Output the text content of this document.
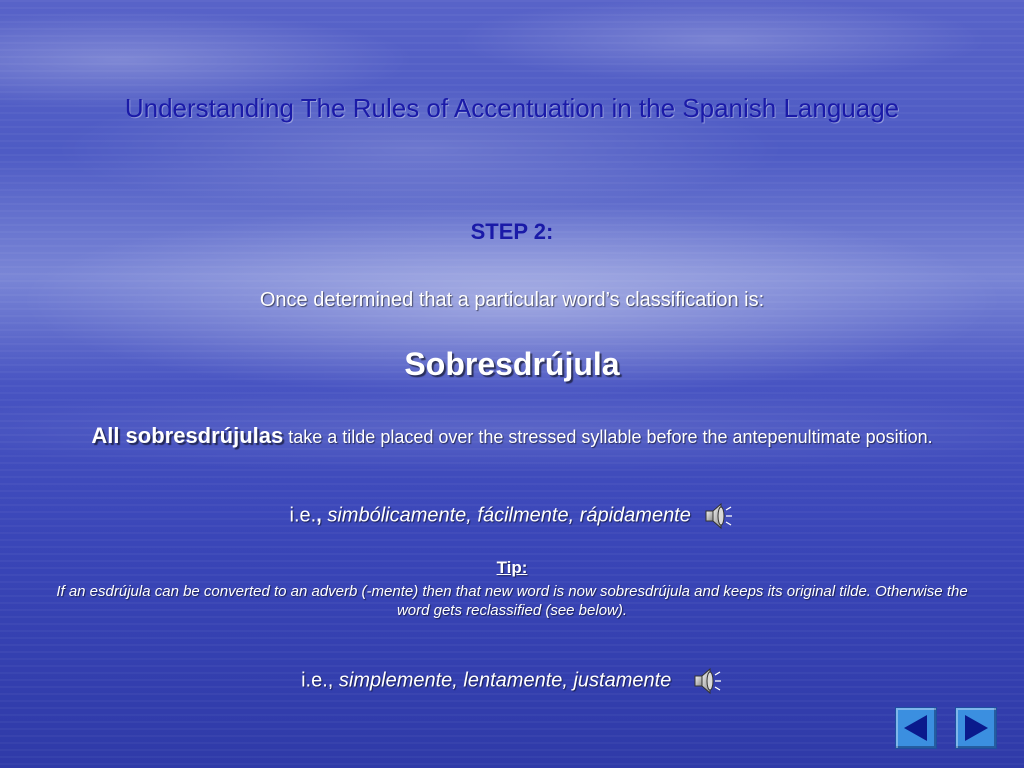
Understanding The Rules of Accentuation in the Spanish Language
STEP 2:
Once determined that a particular word’s classification is:
Sobresdrújula
All sobresdrújulas take a tilde placed over the stressed syllable before the antepenultimate position.
i.e., simbólicamente, fácilmente, rápidamente
Tip:
If an esdrújula can be converted to an adverb (-mente) then that new word is now sobresdrújula and keeps its original tilde. Otherwise the word gets reclassified (see below).
i.e., simplemente, lentamente, justamente
